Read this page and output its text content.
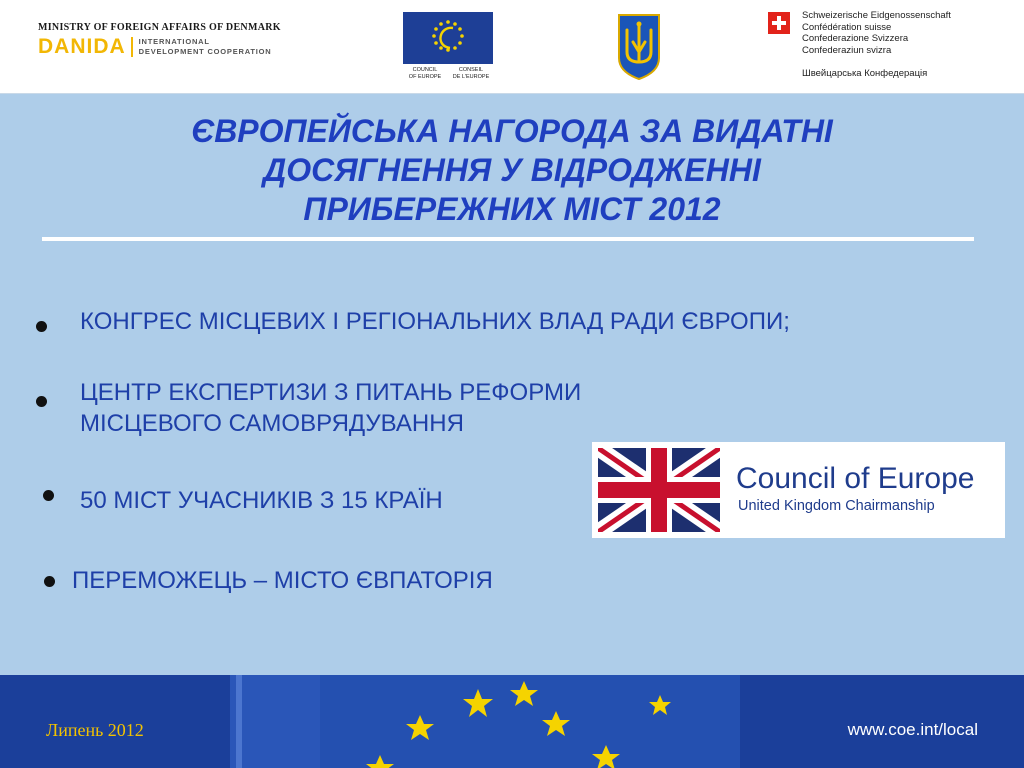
MINISTRY OF FOREIGN AFFAIRS OF DENMARK
DANIDA INTERNATIONAL
DEVELOPMENT COOPERATION
COUNCIL
OF EUROPE
CONSEIL
DE L'EUROPE
Schweizerische Eidgenossenschaft
Confédération suisse
Confederazione Svizzera
Confederaziun svizra
Швейцарська Конфедерація
ЄВРОПЕЙСЬКА НАГОРОДА ЗА ВИДАТНІ
ДОСЯГНЕННЯ У ВІДРОДЖЕННІ
ПРИБЕРЕЖНИХ МІСТ 2012
КОНГРЕС МІСЦЕВИХ І РЕГІОНАЛЬНИХ ВЛАД РАДИ ЄВРОПИ;
ЦЕНТР ЕКСПЕРТИЗИ З ПИТАНЬ РЕФОРМИ
МІСЦЕВОГО САМОВРЯДУВАННЯ
50 МІСТ УЧАСНИКІВ З 15 КРАЇН
ПЕРЕМОЖЕЦЬ – МІСТО ЄВПАТОРІЯ
Council of Europe
United Kingdom Chairmanship
Липень 2012	www.coe.int/local
